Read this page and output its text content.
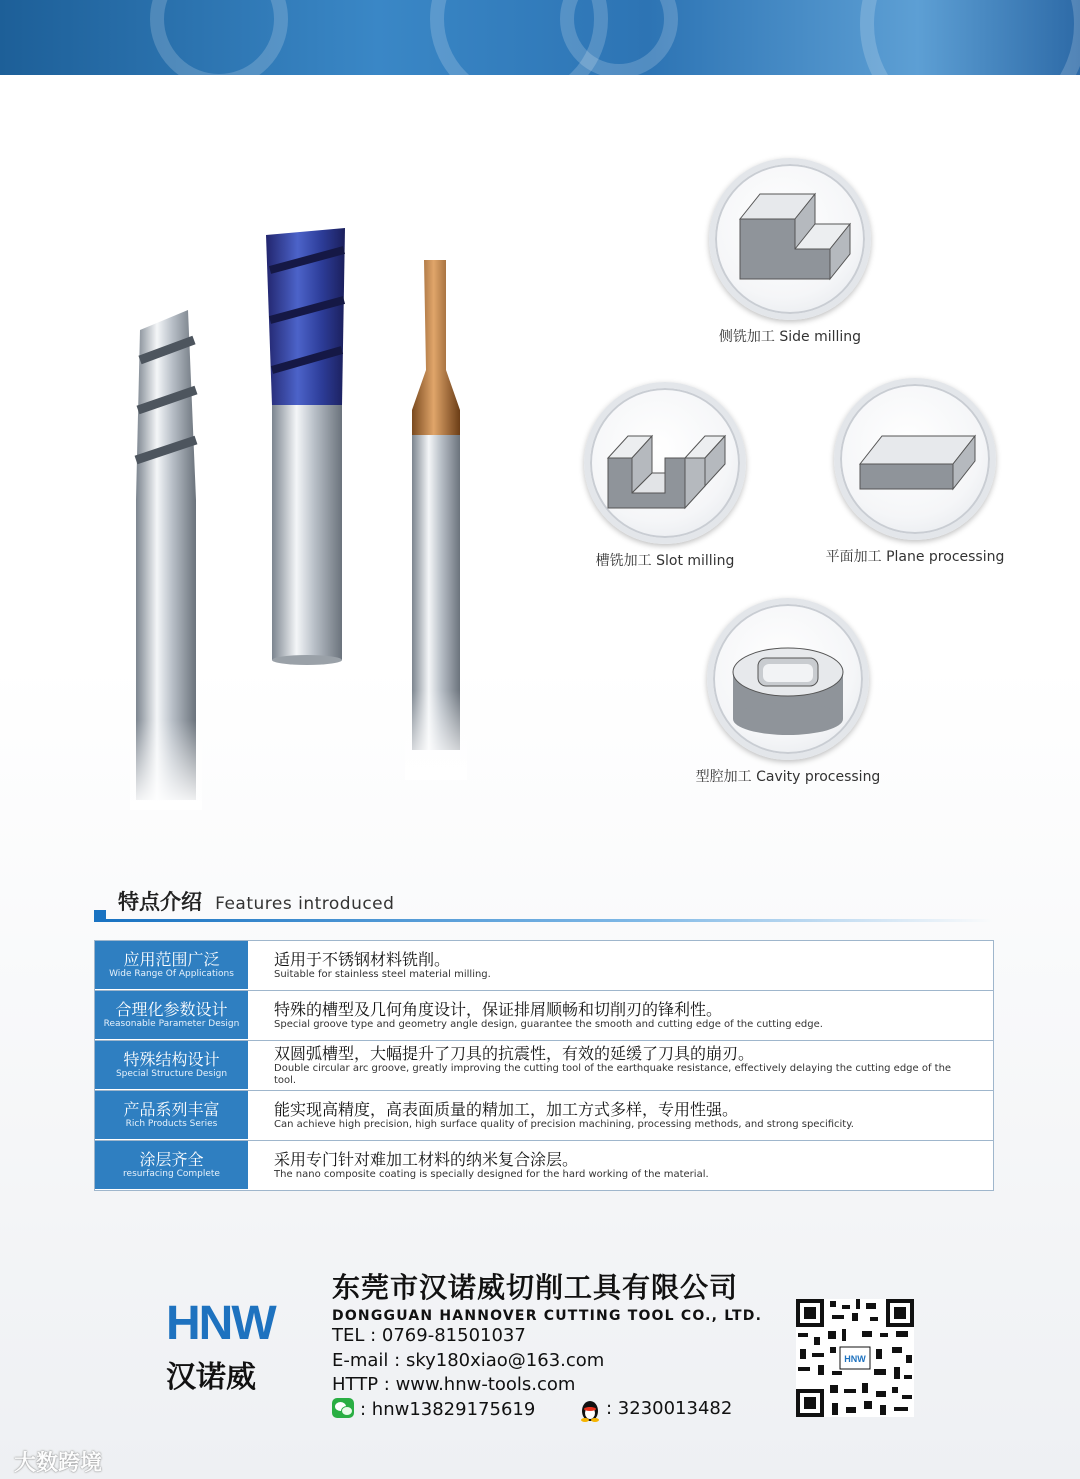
侧铣加工 Side milling
槽铣加工 Slot milling	平面加工 Plane processing
型腔加工 Cavity processing
特点介绍 Features introduced
应用范围广泛
Wide Range Of Applications
适用于不锈钢材料铣削。
Suitable for stainless steel material milling.
合理化参数设计
Reasonable Parameter Design
特殊的槽型及几何角度设计，保证排屑顺畅和切削刃的锋利性。
Special groove type and geometry angle design, guarantee the smooth and cutting edge of the cutting edge.
特殊结构设计
Special Structure Design
双圆弧槽型，大幅提升了刀具的抗震性，有效的延缓了刀具的崩刃。
Double circular arc groove, greatly improving the cutting tool of the earthquake resistance, effectively delaying the cutting edge of the tool.
产品系列丰富
Rich Products Series
能实现高精度，高表面质量的精加工，加工方式多样，专用性强。
Can achieve high precision, high surface quality of precision machining, processing methods, and strong specificity.
涂层齐全
resurfacing Complete
采用专门针对难加工材料的纳米复合涂层。
The nano composite coating is specially designed for the hard working of the material.
HNW
汉诺威
东莞市汉诺威切削工具有限公司
DONGGUAN HANNOVER CUTTING TOOL CO., LTD.
TEL : 0769-81501037
E-mail : sky180xiao@163.com
HTTP : www.hnw-tools.com
: hnw13829175619	: 3230013482
HNW
大数跨境
